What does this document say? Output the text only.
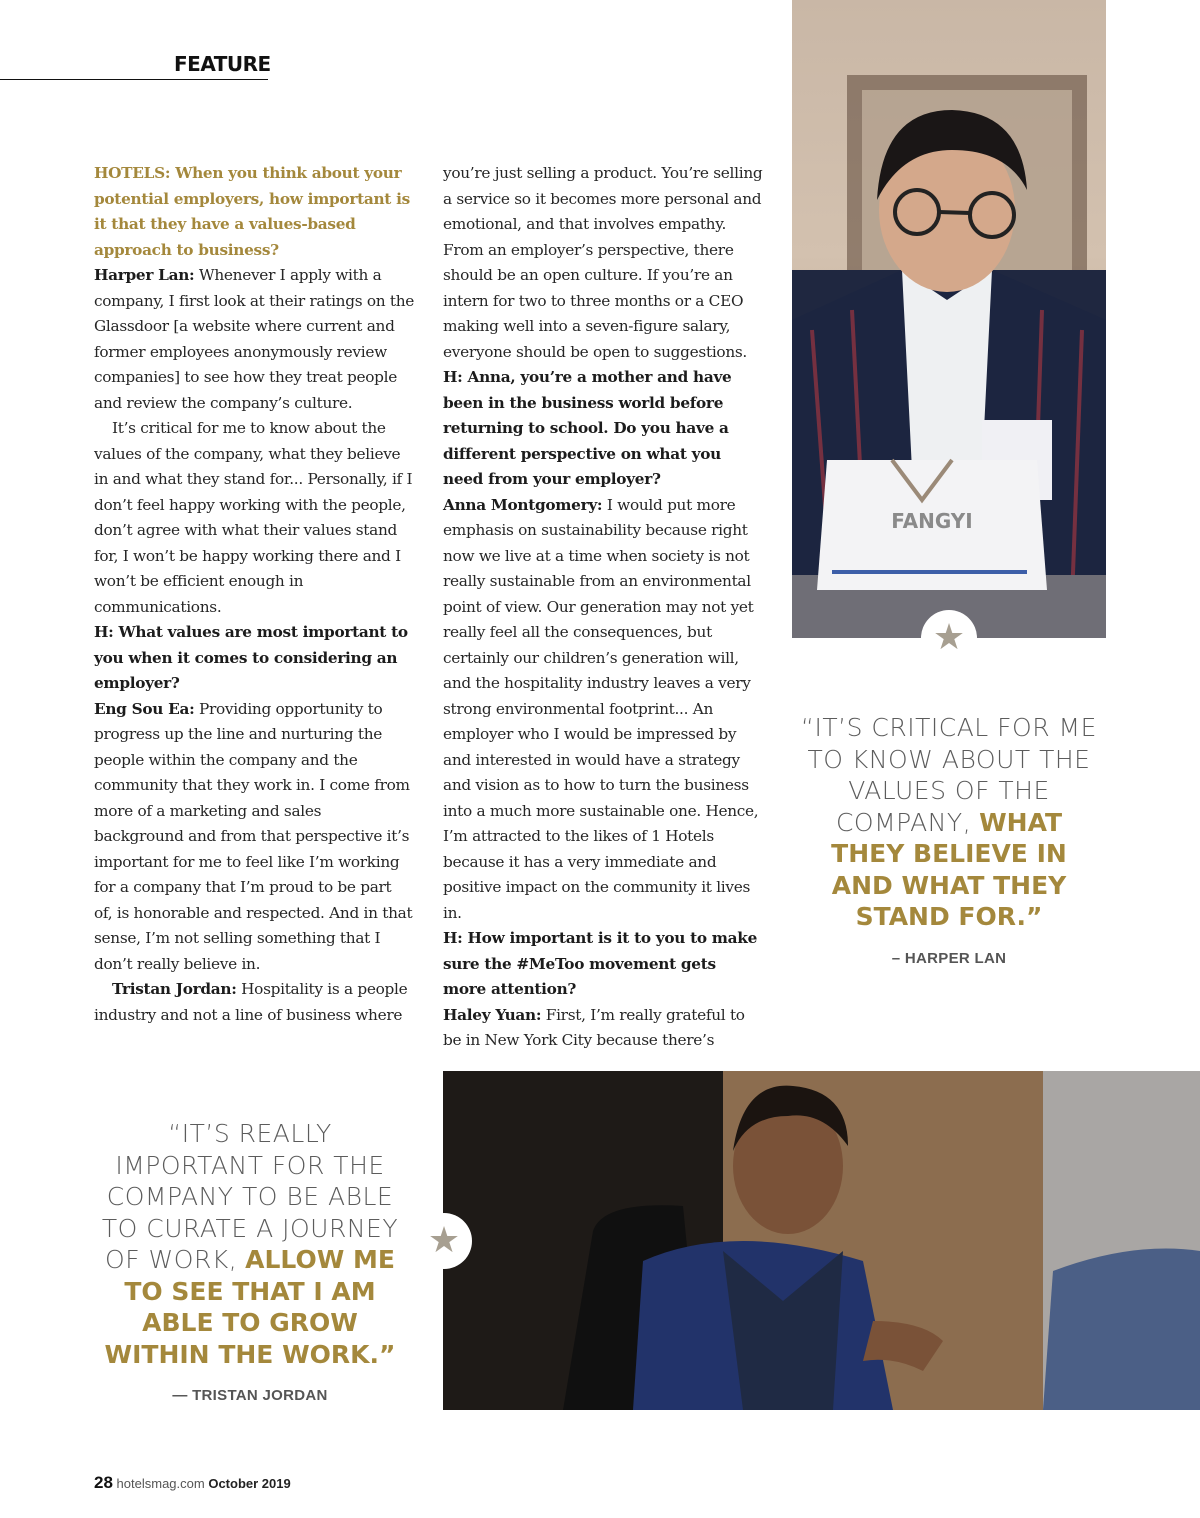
FEATURE

HOTELS: When you think about your potential employers, how important is it that they have a values-based approach to business?

Harper Lan: Whenever I apply with a company, I first look at their ratings on the Glassdoor [a website where current and former employees anonymously review companies] to see how they treat people and review the company’s culture.

It’s critical for me to know about the values of the company, what they believe in and what they stand for... Personally, if I don’t feel happy working with the people, don’t agree with what their values stand for, I won’t be happy working there and I won’t be efficient enough in communications.

H: What values are most important to you when it comes to considering an employer?

Eng Sou Ea: Providing opportunity to progress up the line and nurturing the people within the company and the community that they work in. I come from more of a marketing and sales background and from that perspective it’s important for me to feel like I’m working for a company that I’m proud to be part of, is honorable and respected. And in that sense, I’m not selling something that I don’t really believe in.

Tristan Jordan: Hospitality is a people industry and not a line of business where

you’re just selling a product. You’re selling a service so it becomes more personal and emotional, and that involves empathy. From an employer’s perspective, there should be an open culture. If you’re an intern for two to three months or a CEO making well into a seven-figure salary, everyone should be open to suggestions.

H: Anna, you’re a mother and have been in the business world before returning to school. Do you have a different perspective on what you need from your employer?

Anna Montgomery: I would put more emphasis on sustainability because right now we live at a time when society is not really sustainable from an environmental point of view. Our generation may not yet really feel all the consequences, but certainly our children’s generation will, and the hospitality industry leaves a very strong environmental footprint... An employer who I would be impressed by and interested in would have a strategy and vision as to how to turn the business into a much more sustainable one. Hence, I’m attracted to the likes of 1 Hotels because it has a very immediate and positive impact on the community it lives in.

H: How important is it to you to make sure the #MeToo movement gets more attention?

Haley Yuan: First, I’m really grateful to be in New York City because there’s

FANGYI
★
“IT’S CRITICAL FOR ME TO KNOW ABOUT THE VALUES OF THE COMPANY, WHAT THEY BELIEVE IN AND WHAT THEY STAND FOR.”
– HARPER LAN
★
“IT’S REALLY IMPORTANT FOR THE COMPANY TO BE ABLE TO CURATE A JOURNEY OF WORK, ALLOW ME TO SEE THAT I AM ABLE TO GROW WITHIN THE WORK.”
— TRISTAN JORDAN
28 hotelsmag.com October 2019
